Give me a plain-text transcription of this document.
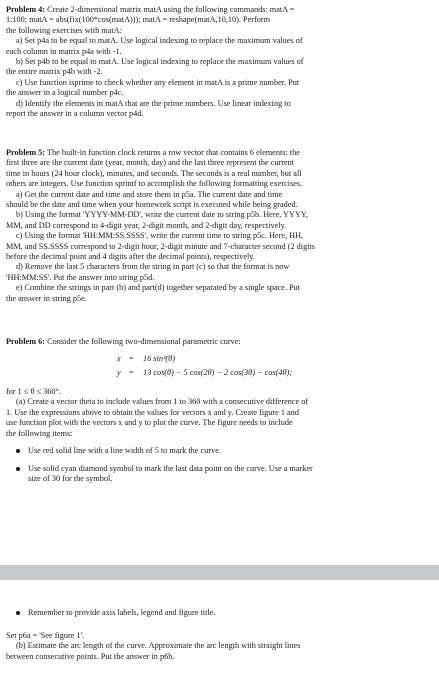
Problem 4: Create 2-dimensional matrix matA using the following commands: matA =
1:100; matA = abs(fix(100*cos(matA))); matA = reshape(matA,10,10). Perform
the following exercises with matA:

a) Set p4a to be equal to matA. Use logical indexing to replace the maximum values of
each column in matrix p4a with -1.

b) Set p4b to be equal to matA. Use logical indexing to replace the maximum values of
the entire matrix p4b with -2.

c) Use function isprime to check whether any element in matA is a prime number. Put
the answer in a logical number p4c.

d) Identify the elements in matA that are the prime numbers. Use linear indexing to
report the answer in a column vector p4d.

Problem 5: The built-in function clock returns a row vector that contains 6 elements: the
first three are the current date (year, month, day) and the last three represent the current
time in hours (24 hour clock), minutes, and seconds. The seconds is a real number, but all
others are integers. Use function sprintf to accomplish the following formatting exercises.

a) Get the current date and time and store them in p5a. The current date and time
should be the date and time when your homework script is executed while being graded.

b) Using the format 'YYYY-MM-DD', write the current date to string p5b. Here, YYYY,
MM, and DD correspond to 4-digit year, 2-digit month, and 2-digit day, respectively.

c) Using the format 'HH:MM:SS.SSSS', write the current time to string p5c. Here, HH,
MM, and SS.SSSS correspond to 2-digit hour, 2-digit minute and 7-character second (2 digits
before the decimal point and 4 digits after the decimal points), respectively.

d) Remove the last 5 characters from the string in part (c) so that the format is now
'HH:MM:SS'. Put the answer into string p5d.

e) Combine the strings in part (b) and part(d) together separated by a single space. Put
the answer in string p5e.

Problem 6: Consider the following two-dimensional parametric curve:

x = 16 sin³(θ)
y = 13 cos(θ) − 5 cos(2θ) − 2 cos(3θ) − cos(4θ);

for 1 ≤ θ ≤ 360°.

(a) Create a vector theta to include values from 1 to 360 with a consecutive difference of
1. Use the expressions above to obtain the values for vectors x and y. Create figure 1 and
use function plot with the vectors x and y to plot the curve. The figure needs to include
the following items:

Use red solid line with a line width of 5 to mark the curve.
Use solid cyan diamond symbol to mark the last data point on the curve. Use a marker
size of 30 for the symbol.
Remember to provide axis labels, legend and figure title.

Set p6a = 'See figure 1'.

(b) Estimate the arc length of the curve. Approximate the arc length with straight lines
between consecutive points. Put the answer in p6b.
